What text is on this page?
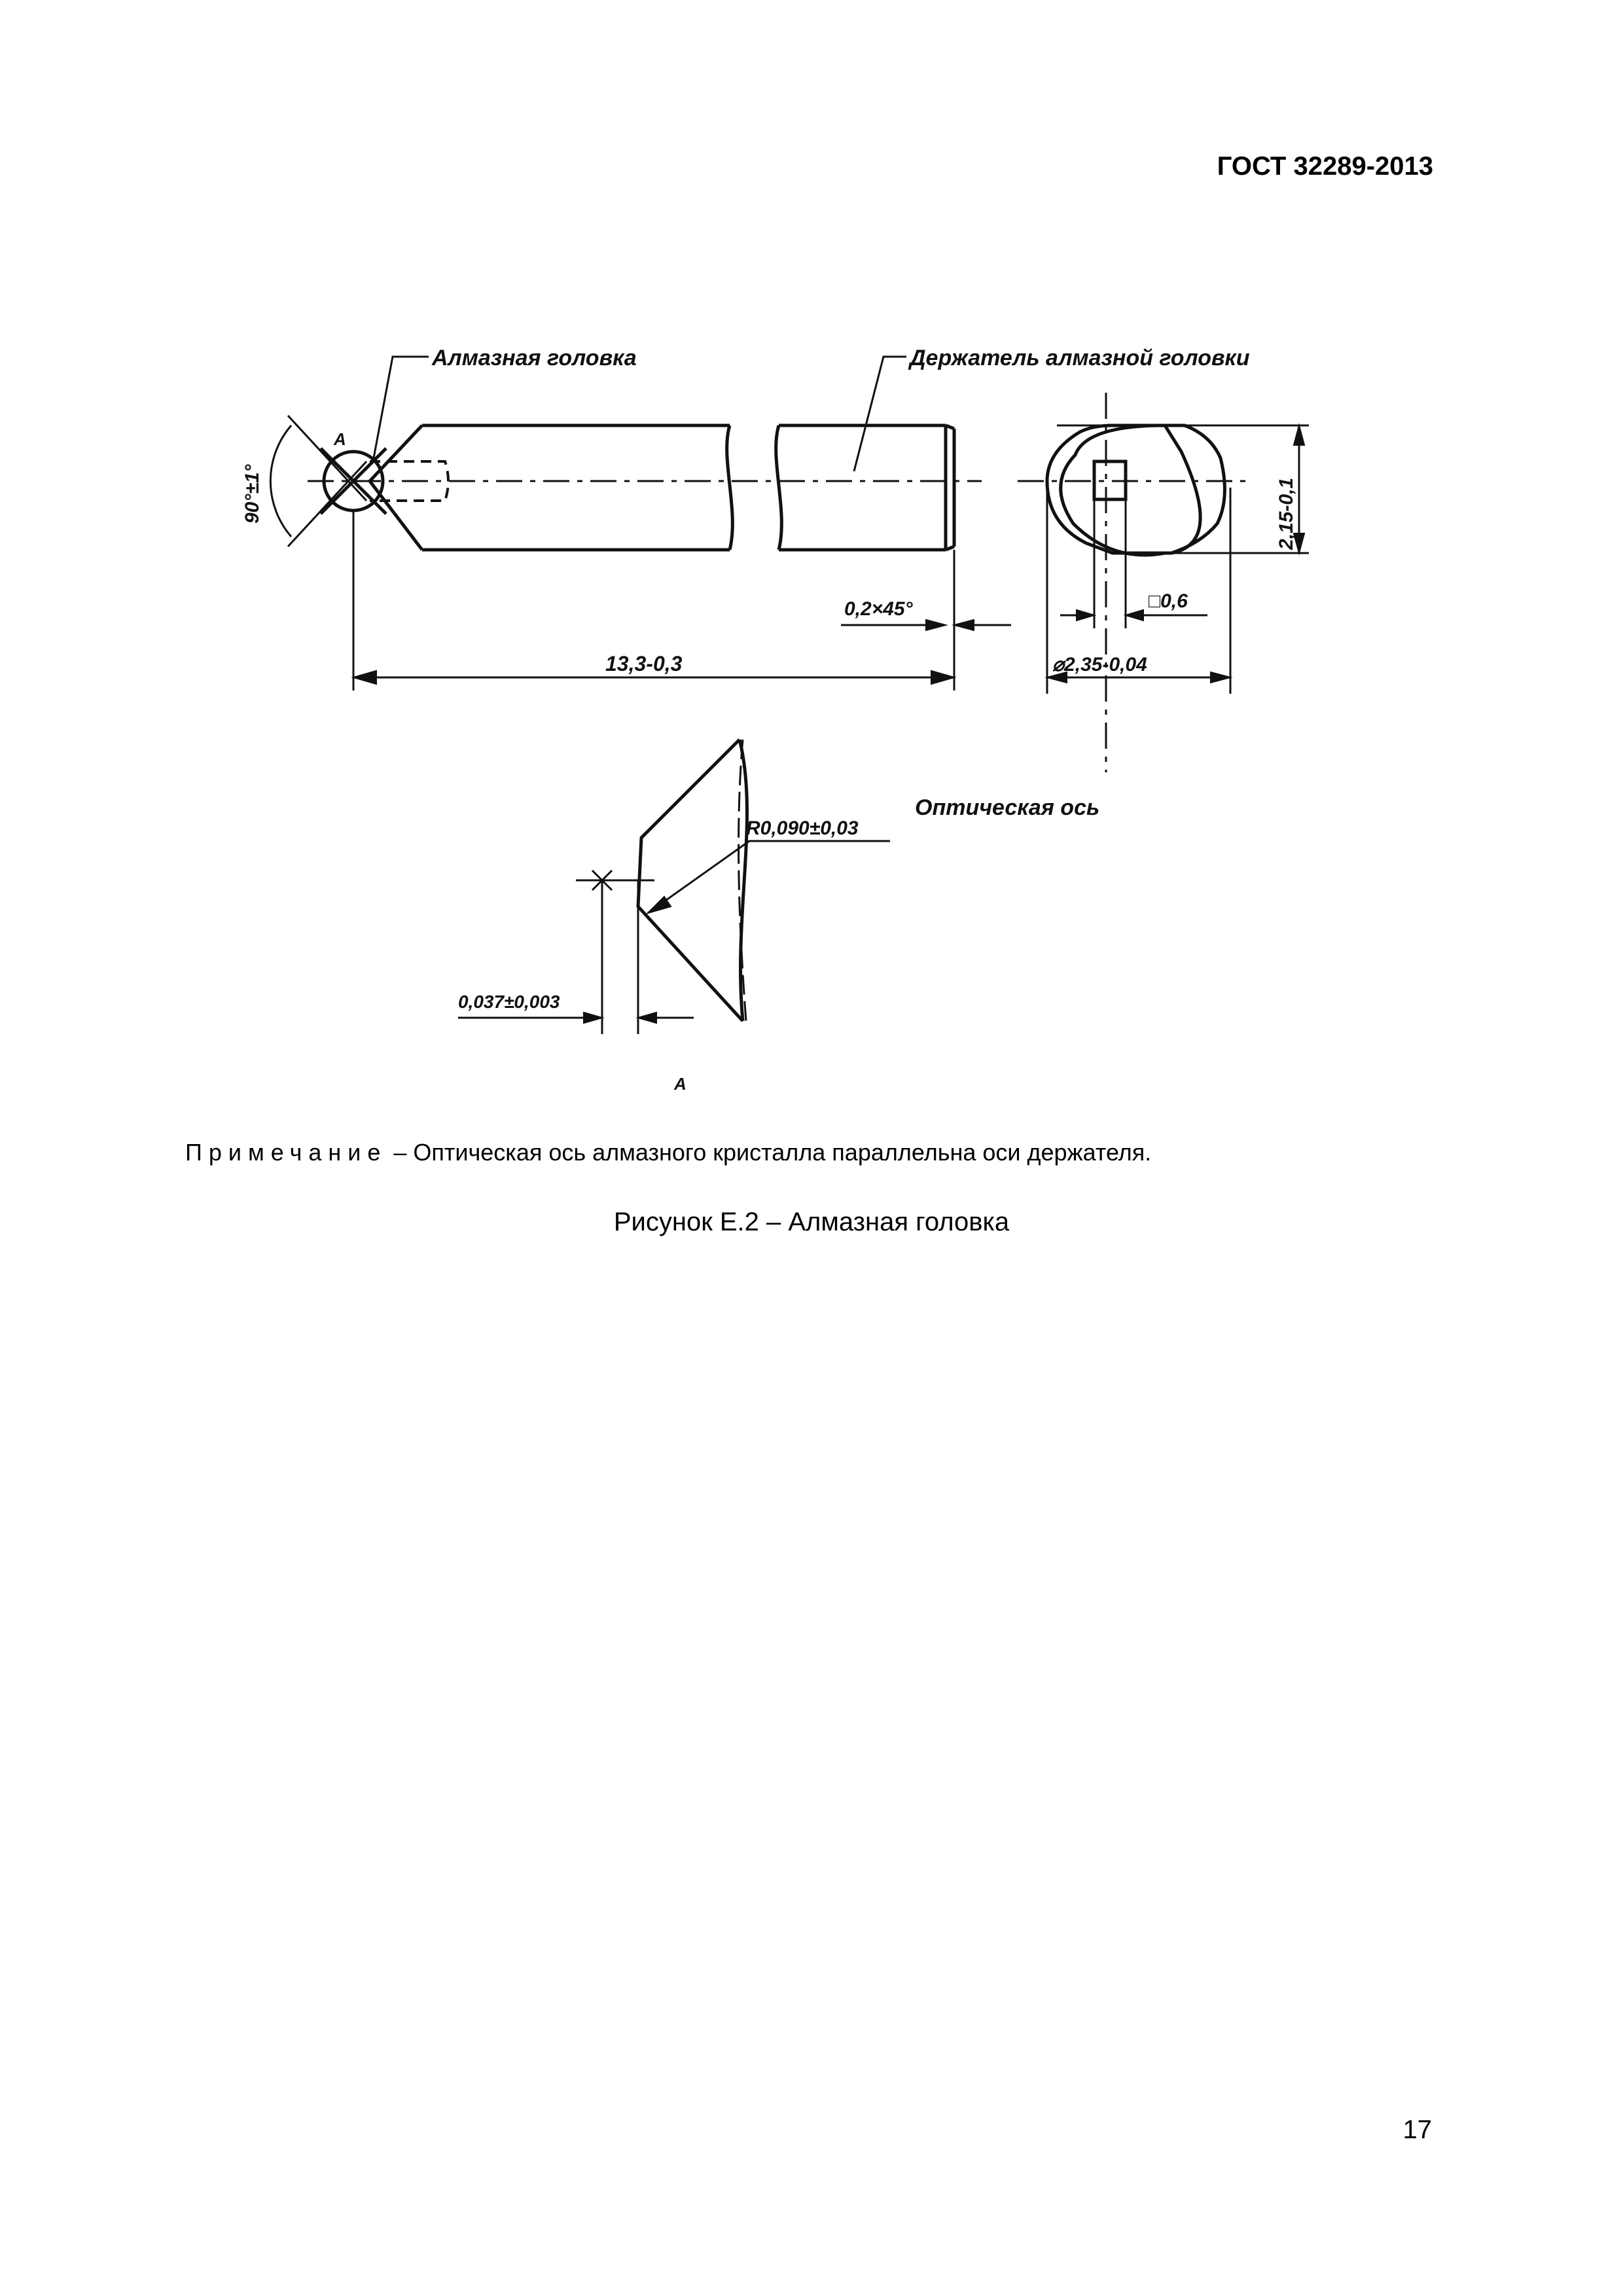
ГОСТ 32289-2013
А
90°±1°
Алмазная головка	Держатель алмазной головки
13,3-0,3
0,2×45°
2,15-0,1
□0,6
⌀2,35-0,04
Оптическая ось
0,037±0,003
R0,090±0,03
А
Примечание – Оптическая ось алмазного кристалла параллельна оси держателя.
Рисунок Е.2 – Алмазная головка
17
